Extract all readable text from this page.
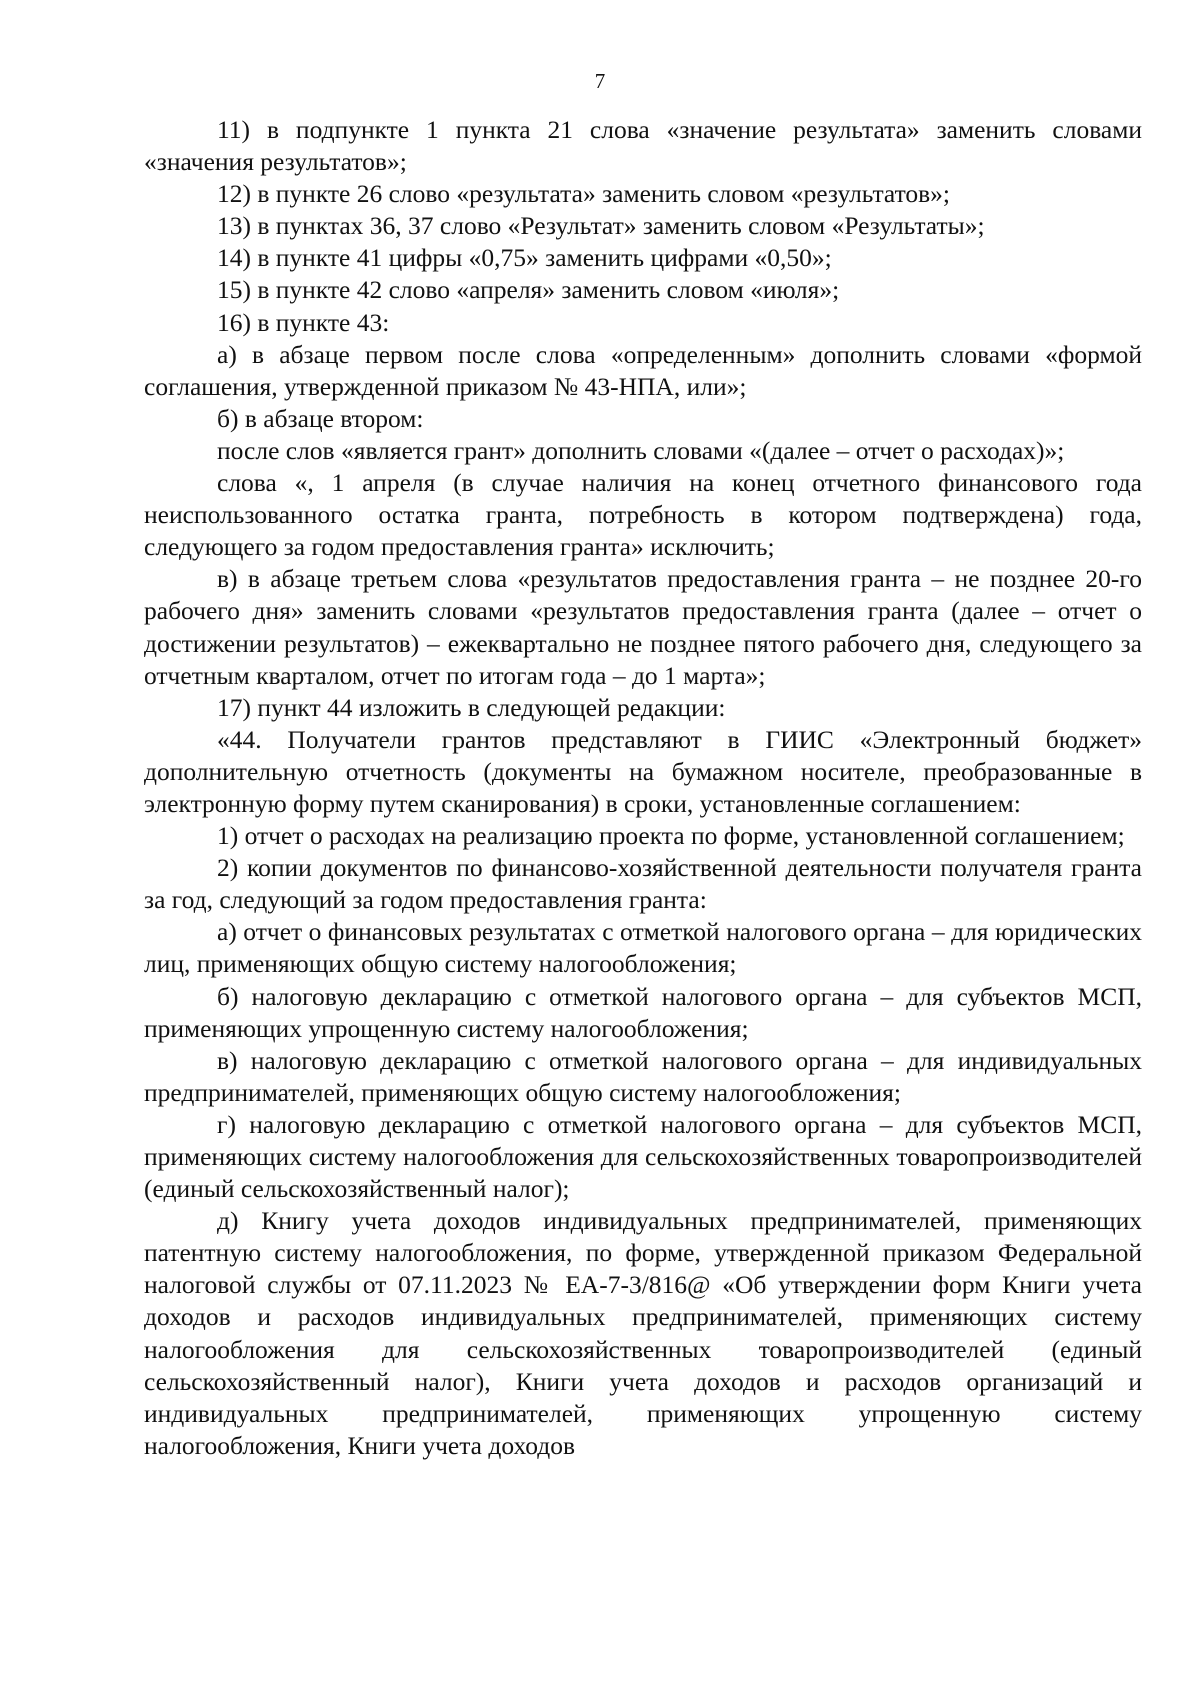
7

11) в подпункте 1 пункта 21 слова «значение результата» заменить словами «значения результатов»;

12) в пункте 26 слово «результата» заменить словом «результатов»;

13) в пунктах 36, 37 слово «Результат» заменить словом «Результаты»;

14) в пункте 41 цифры «0,75» заменить цифрами «0,50»;

15) в пункте 42 слово «апреля» заменить словом «июля»;

16) в пункте 43:

а) в абзаце первом после слова «определенным» дополнить словами «формой соглашения, утвержденной приказом № 43-НПА, или»;

б) в абзаце втором:

после слов «является грант» дополнить словами «(далее – отчет о расходах)»;

слова «, 1 апреля (в случае наличия на конец отчетного финансового года неиспользованного остатка гранта, потребность в котором подтверждена) года, следующего за годом предоставления гранта» исключить;

в) в абзаце третьем слова «результатов предоставления гранта – не позднее 20-го рабочего дня» заменить словами «результатов предоставления гранта (далее – отчет о достижении результатов) – ежеквартально не позднее пятого рабочего дня, следующего за отчетным кварталом, отчет по итогам года – до 1 марта»;

17) пункт 44 изложить в следующей редакции:

«44. Получатели грантов представляют в ГИИС «Электронный бюджет» дополнительную отчетность (документы на бумажном носителе, преобразованные в электронную форму путем сканирования) в сроки, установленные соглашением:

1) отчет о расходах на реализацию проекта по форме, установленной соглашением;

2) копии документов по финансово-хозяйственной деятельности получателя гранта за год, следующий за годом предоставления гранта:

а) отчет о финансовых результатах с отметкой налогового органа – для юридических лиц, применяющих общую систему налогообложения;

б) налоговую декларацию с отметкой налогового органа – для субъектов МСП, применяющих упрощенную систему налогообложения;

в) налоговую декларацию с отметкой налогового органа – для индивидуальных предпринимателей, применяющих общую систему налогообложения;

г) налоговую декларацию с отметкой налогового органа – для субъектов МСП, применяющих систему налогообложения для сельскохозяйственных товаропроизводителей (единый сельскохозяйственный налог);

д) Книгу учета доходов индивидуальных предпринимателей, применяющих патентную систему налогообложения, по форме, утвержденной приказом Федеральной налоговой службы от 07.11.2023 № ЕА-7-3/816@ «Об утверждении форм Книги учета доходов и расходов индивидуальных предпринимателей, применяющих систему налогообложения для сельскохозяйственных товаропроизводителей (единый сельскохозяйственный налог), Книги учета доходов и расходов организаций и индивидуальных предпринимателей, применяющих упрощенную систему налогообложения, Книги учета доходов
